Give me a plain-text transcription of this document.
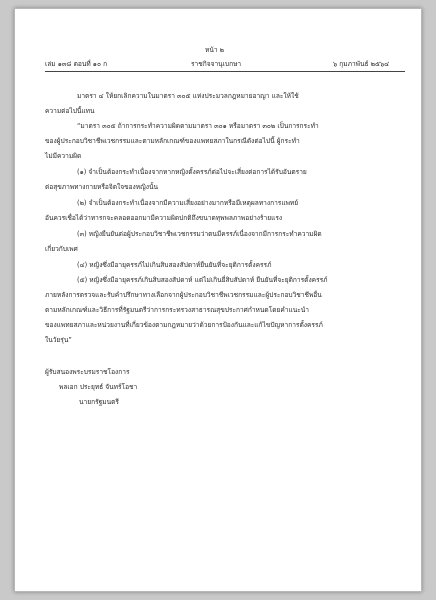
หน้า ๒
เล่ม ๑๓๘ ตอนที่ ๑๐ ก	ราชกิจจานุเบกษา	๖ กุมภาพันธ์ ๒๕๖๔
มาตรา ๔ ให้ยกเลิกความในมาตรา ๓๐๕ แห่งประมวลกฎหมายอาญา และให้ใช้
ความต่อไปนี้แทน
“มาตรา ๓๐๕ ถ้าการกระทำความผิดตามมาตรา ๓๐๑ หรือมาตรา ๓๐๒ เป็นการกระทำ
ของผู้ประกอบวิชาชีพเวชกรรมและตามหลักเกณฑ์ของแพทยสภาในกรณีดังต่อไปนี้ ผู้กระทำ
ไม่มีความผิด
(๑) จำเป็นต้องกระทำเนื่องจากหากหญิงตั้งครรภ์ต่อไปจะเสี่ยงต่อการได้รับอันตราย
ต่อสุขภาพทางกายหรือจิตใจของหญิงนั้น
(๒) จำเป็นต้องกระทำเนื่องจากมีความเสี่ยงอย่างมากหรือมีเหตุผลทางการแพทย์
อันควรเชื่อได้ว่าทารกจะคลอดออกมามีความผิดปกติถึงขนาดทุพพลภาพอย่างร้ายแรง
(๓) หญิงยืนยันต่อผู้ประกอบวิชาชีพเวชกรรมว่าตนมีครรภ์เนื่องจากมีการกระทำความผิด
เกี่ยวกับเพศ
(๔) หญิงซึ่งมีอายุครรภ์ไม่เกินสิบสองสัปดาห์ยืนยันที่จะยุติการตั้งครรภ์
(๕) หญิงซึ่งมีอายุครรภ์เกินสิบสองสัปดาห์ แต่ไม่เกินยี่สิบสัปดาห์ ยืนยันที่จะยุติการตั้งครรภ์
ภายหลังการตรวจและรับคำปรึกษาทางเลือกจากผู้ประกอบวิชาชีพเวชกรรมและผู้ประกอบวิชาชีพอื่น
ตามหลักเกณฑ์และวิธีการที่รัฐมนตรีว่าการกระทรวงสาธารณสุขประกาศกำหนดโดยคำแนะนำ
ของแพทยสภาและหน่วยงานที่เกี่ยวข้องตามกฎหมายว่าด้วยการป้องกันและแก้ไขปัญหาการตั้งครรภ์
ในวัยรุ่น”
ผู้รับสนองพระบรมราชโองการ
พลเอก ประยุทธ์ จันทร์โอชา
นายกรัฐมนตรี
